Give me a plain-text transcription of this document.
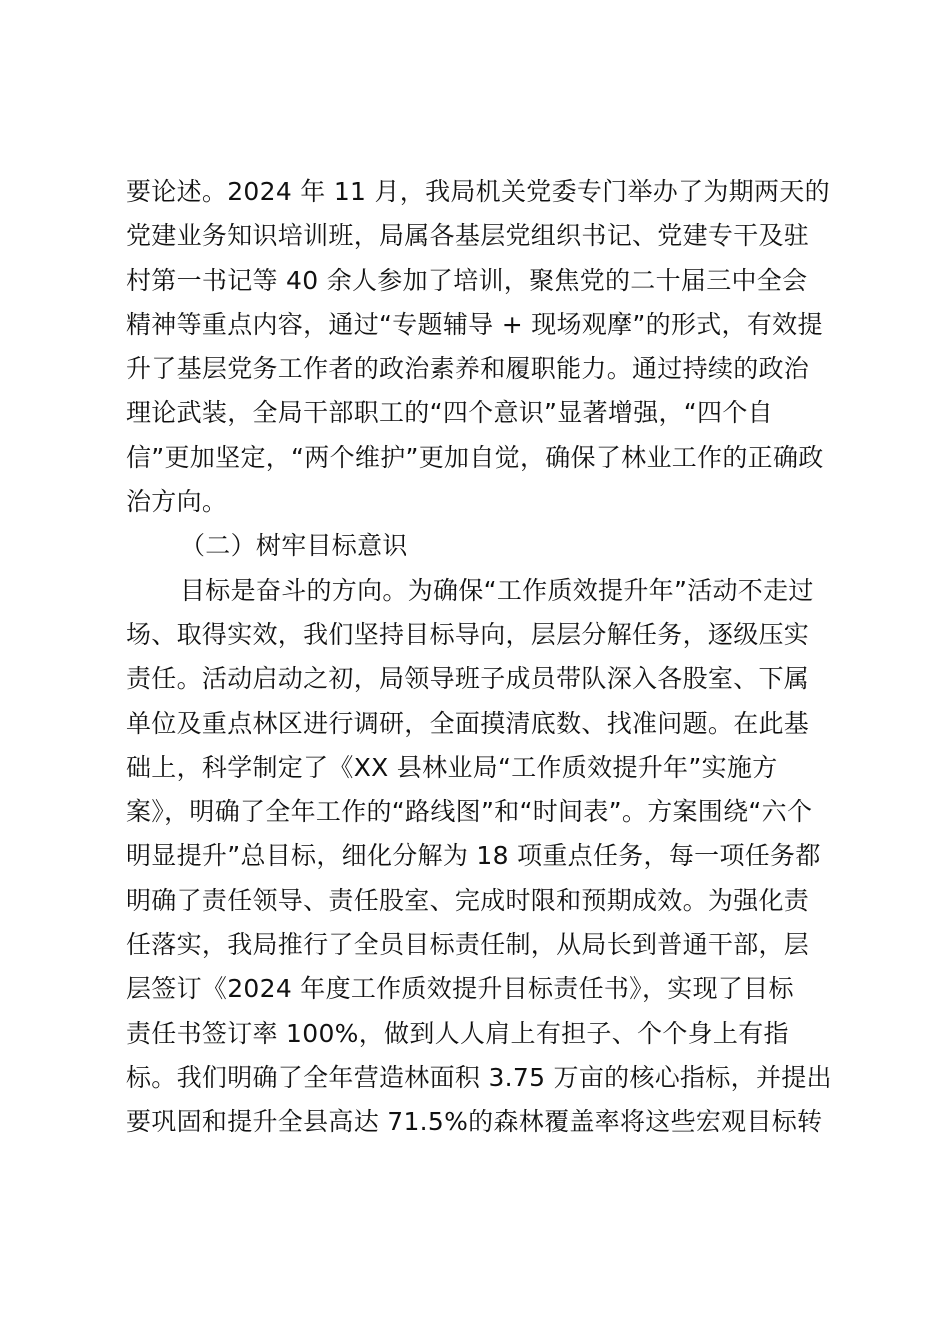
要论述。2024 年 11 月，我局机关党委专门举办了为期两天的
党建业务知识培训班，局属各基层党组织书记、党建专干及驻
村第一书记等 40 余人参加了培训，聚焦党的二十届三中全会
精神等重点内容，通过“专题辅导 + 现场观摩”的形式，有效提
升了基层党务工作者的政治素养和履职能力。通过持续的政治
理论武装，全局干部职工的“四个意识”显著增强，“四个自
信”更加坚定，“两个维护”更加自觉，确保了林业工作的正确政
治方向。
（二）树牢目标意识
目标是奋斗的方向。为确保“工作质效提升年”活动不走过
场、取得实效，我们坚持目标导向，层层分解任务，逐级压实
责任。活动启动之初，局领导班子成员带队深入各股室、下属
单位及重点林区进行调研，全面摸清底数、找准问题。在此基
础上，科学制定了《XX 县林业局“工作质效提升年”实施方
案》，明确了全年工作的“路线图”和“时间表”。方案围绕“六个
明显提升”总目标，细化分解为 18 项重点任务，每一项任务都
明确了责任领导、责任股室、完成时限和预期成效。为强化责
任落实，我局推行了全员目标责任制，从局长到普通干部，层
层签订《2024 年度工作质效提升目标责任书》，实现了目标
责任书签订率 100%，做到人人肩上有担子、个个身上有指
标。我们明确了全年营造林面积 3.75 万亩的核心指标，并提出
要巩固和提升全县高达 71.5%的森林覆盖率将这些宏观目标转
